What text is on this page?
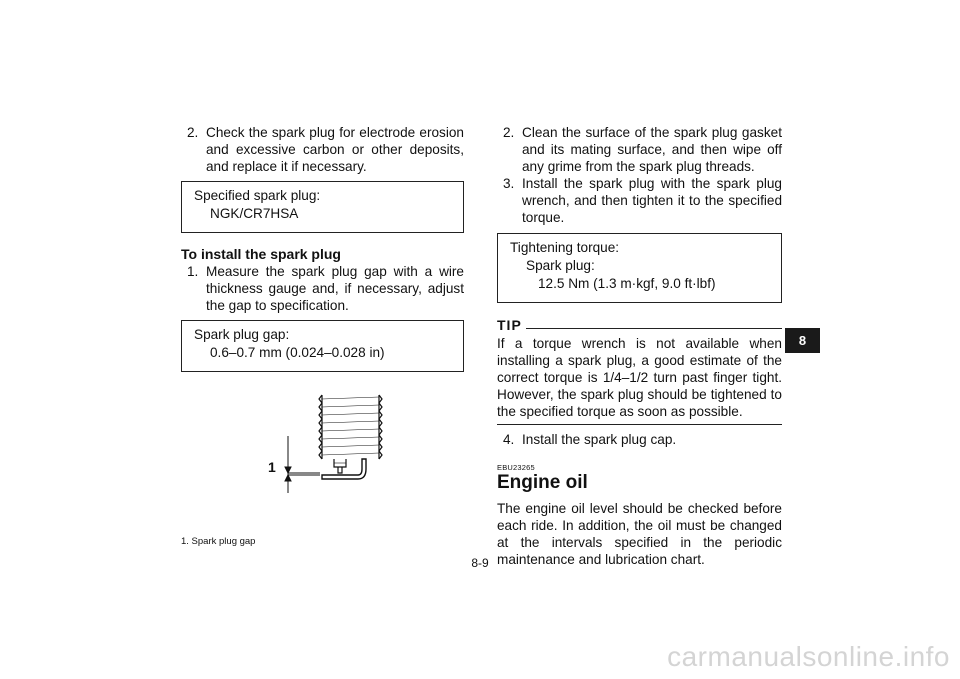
2. Check the spark plug for electrode erosion and excessive carbon or other deposits, and replace it if necessary.
Specified spark plug:
NGK/CR7HSA
To install the spark plug
1. Measure the spark plug gap with a wire thickness gauge and, if necessary, adjust the gap to specification.
Spark plug gap:
0.6–0.7 mm (0.024–0.028 in)
1
1. Spark plug gap
2. Clean the surface of the spark plug gasket and its mating surface, and then wipe off any grime from the spark plug threads.
3. Install the spark plug with the spark plug wrench, and then tighten it to the specified torque.
Tightening torque:
Spark plug:
12.5 Nm (1.3 m·kgf, 9.0 ft·lbf)
TIP
If a torque wrench is not available when installing a spark plug, a good estimate of the correct torque is 1/4–1/2 turn past finger tight. However, the spark plug should be tightened to the specified torque as soon as possible.
4. Install the spark plug cap.
EBU23265
Engine oil
The engine oil level should be checked before each ride. In addition, the oil must be changed at the intervals specified in the periodic maintenance and lubrication chart.
8
8-9
carmanualsonline.info
